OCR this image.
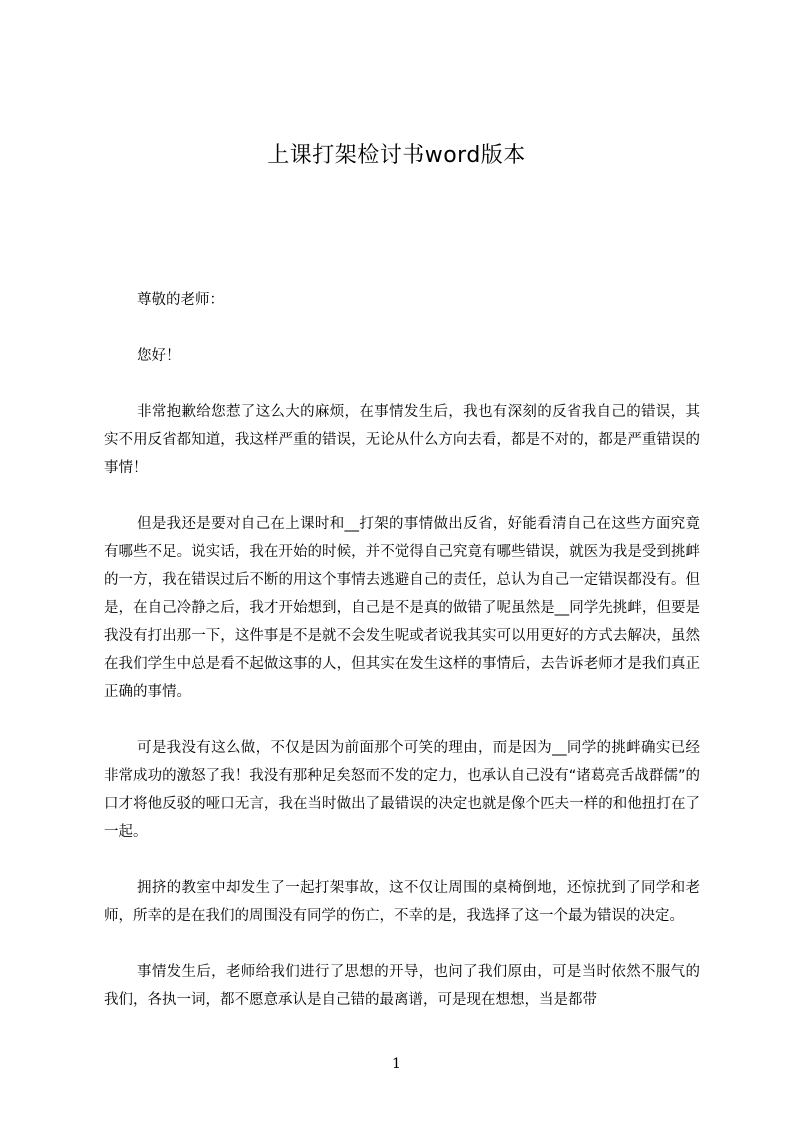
上课打架检讨书word版本

尊敬的老师：

您好！

非常抱歉给您惹了这么大的麻烦，在事情发生后，我也有深刻的反省我自己的错误，其实不用反省都知道，我这样严重的错误，无论从什么方向去看，都是不对的，都是严重错误的事情！

但是我还是要对自己在上课时和__打架的事情做出反省，好能看清自己在这些方面究竟有哪些不足。说实话，我在开始的时候，并不觉得自己究竟有哪些错误，就医为我是受到挑衅的一方，我在错误过后不断的用这个事情去逃避自己的责任，总认为自己一定错误都没有。但是，在自己冷静之后，我才开始想到，自己是不是真的做错了呢虽然是__同学先挑衅，但要是我没有打出那一下，这件事是不是就不会发生呢或者说我其实可以用更好的方式去解决，虽然在我们学生中总是看不起做这事的人，但其实在发生这样的事情后，去告诉老师才是我们真正正确的事情。

可是我没有这么做，不仅是因为前面那个可笑的理由，而是因为__同学的挑衅确实已经非常成功的激怒了我！我没有那种足矣怒而不发的定力，也承认自己没有“诸葛亮舌战群儒”的口才将他反驳的哑口无言，我在当时做出了最错误的决定也就是像个匹夫一样的和他扭打在了一起。

拥挤的教室中却发生了一起打架事故，这不仅让周围的桌椅倒地，还惊扰到了同学和老师，所幸的是在我们的周围没有同学的伤亡，不幸的是，我选择了这一个最为错误的决定。

事情发生后，老师给我们进行了思想的开导，也问了我们原由，可是当时依然不服气的我们，各执一词，都不愿意承认是自己错的最离谱，可是现在想想，当是都带

1
